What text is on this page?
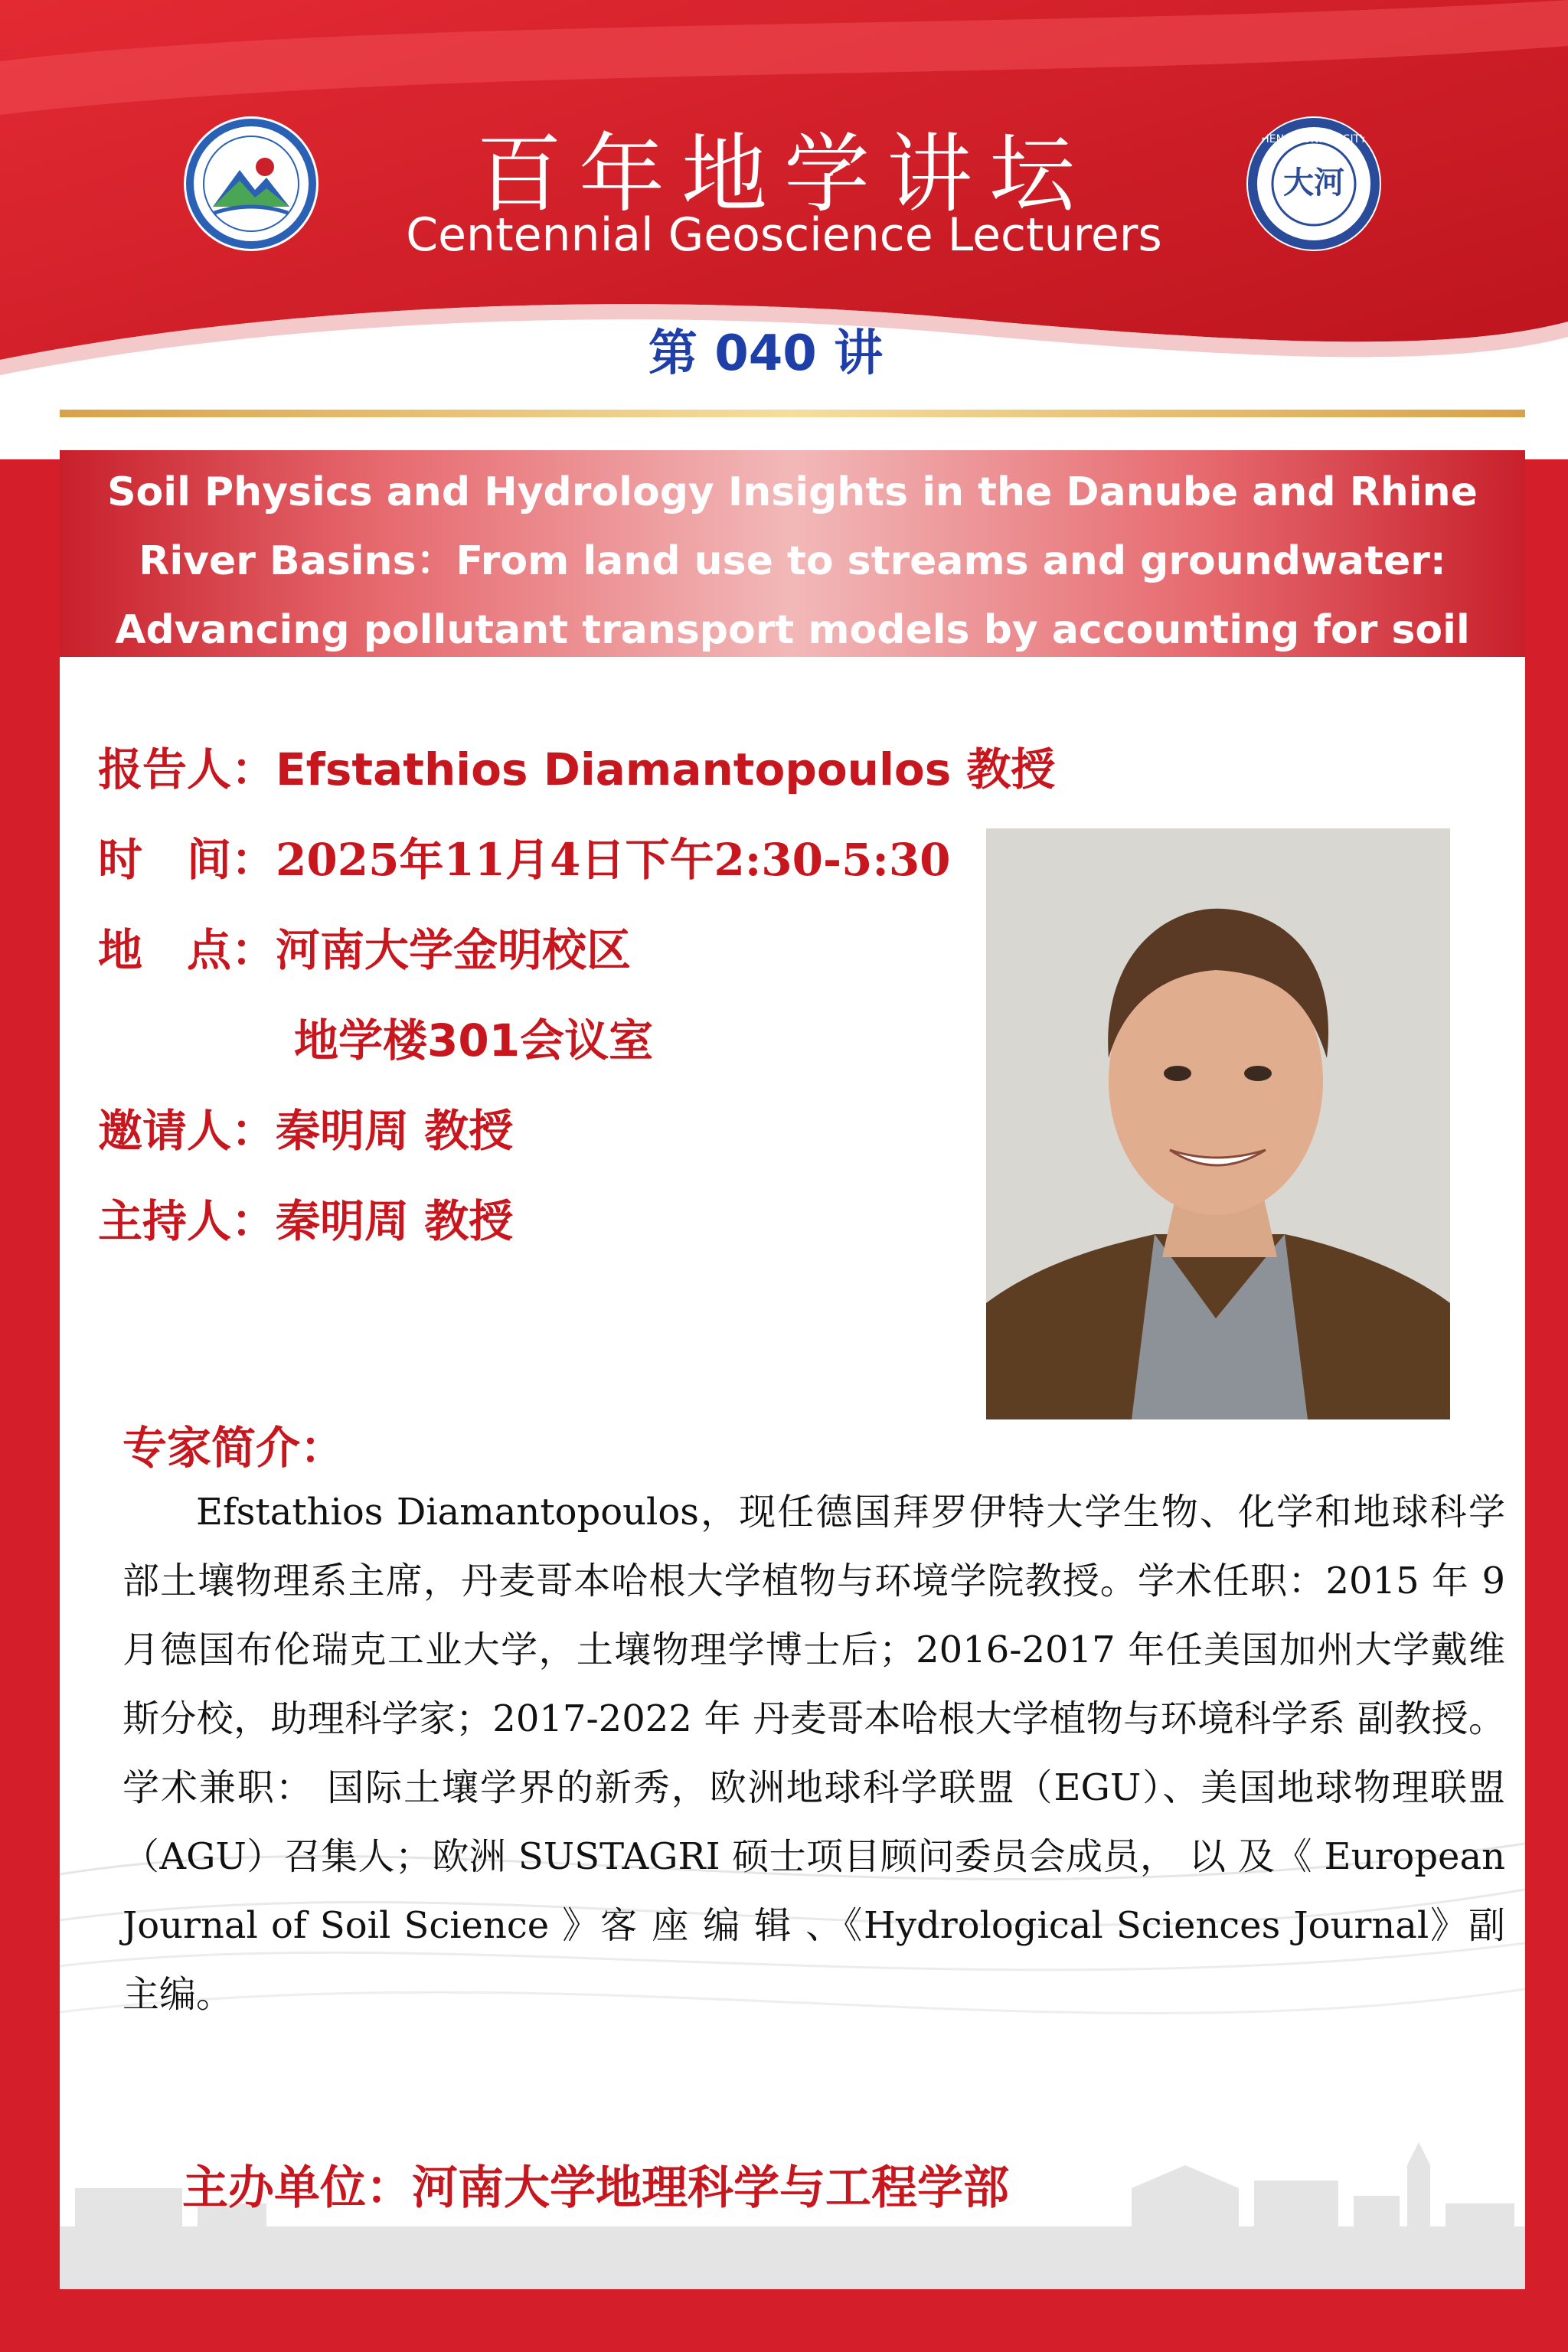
大河
HENAN UNIVERSITY
1912
百年地学讲坛
Centennial Geoscience Lecturers
第 040 讲
Soil Physics and Hydrology Insights in the Danube and Rhine
River Basins：From land use to streams and groundwater:
Advancing pollutant transport models by accounting for soil
报告人：Efstathios Diamantopoulos 教授
时　间：2025年11月4日下午2:30-5:30
地　点：河南大学金明校区
地学楼301会议室
邀请人：秦明周 教授
主持人：秦明周 教授
专家简介：
Efstathios Diamantopoulos，现任德国拜罗伊特大学生物、化学和地球科学部土壤物理系主席，丹麦哥本哈根大学植物与环境学院教授。学术任职：2015 年 9 月德国布伦瑞克工业大学，土壤物理学博士后；2016-2017 年任美国加州大学戴维斯分校，助理科学家；2017-2022 年 丹麦哥本哈根大学植物与环境科学系 副教授。学术兼职： 国际土壤学界的新秀，欧洲地球科学联盟（EGU）、美国地球物理联盟（AGU）召集人；欧洲 SUSTAGRI 硕士项目顾问委员会成员， 以 及《 European Journal of Soil Science 》客 座 编 辑 、《Hydrological Sciences Journal》副主编。
主办单位：河南大学地理科学与工程学部
